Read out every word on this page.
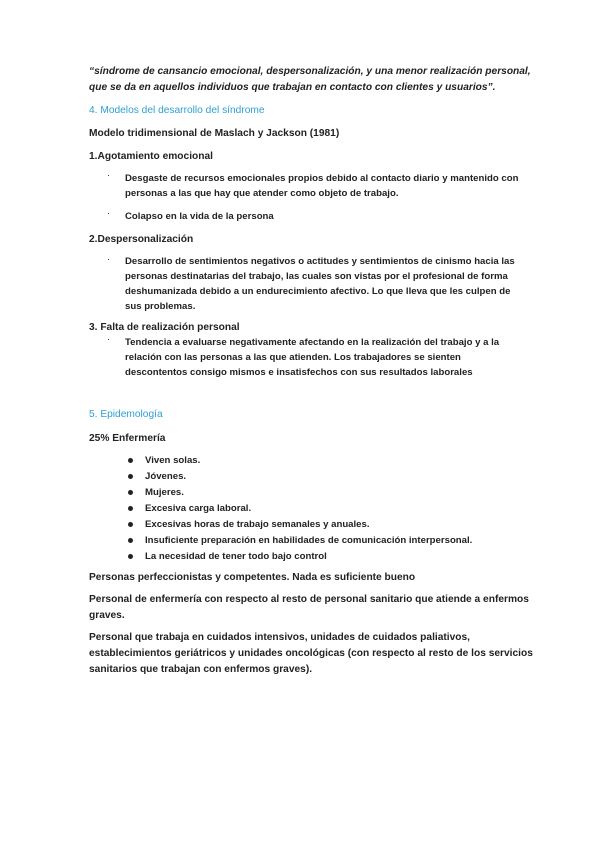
“síndrome de cansancio emocional, despersonalización, y una menor realización personal,

que se da en aquellos individuos que trabajan en contacto con clientes y usuarios”.

4. Modelos del desarrollo del síndrome

Modelo tridimensional de Maslach y Jackson (1981)

1.Agotamiento emocional

· Desgaste de recursos emocionales propios debido al contacto diario y mantenido con

personas a las que hay que atender como objeto de trabajo.

· Colapso en la vida de la persona

2.Despersonalización

· Desarrollo de sentimientos negativos o actitudes y sentimientos de cinismo hacia las

personas destinatarias del trabajo, las cuales son vistas por el profesional de forma

deshumanizada debido a un endurecimiento afectivo. Lo que lleva que les culpen de

sus problemas.

3. Falta de realización personal

· Tendencia a evaluarse negativamente afectando en la realización del trabajo y a la

relación con las personas a las que atienden. Los trabajadores se sienten

descontentos consigo mismos e insatisfechos con sus resultados laborales

5. Epidemología

25% Enfermería

Viven solas.

Jóvenes.

Mujeres.

Excesiva carga laboral.

Excesivas horas de trabajo semanales y anuales.

Insuficiente preparación en habilidades de comunicación interpersonal.

La necesidad de tener todo bajo control

Personas perfeccionistas y competentes. Nada es suficiente bueno

Personal de enfermería con respecto al resto de personal sanitario que atiende a enfermos

graves.

Personal que trabaja en cuidados intensivos, unidades de cuidados paliativos,

establecimientos geriátricos y unidades oncológicas (con respecto al resto de los servicios

sanitarios que trabajan con enfermos graves).
